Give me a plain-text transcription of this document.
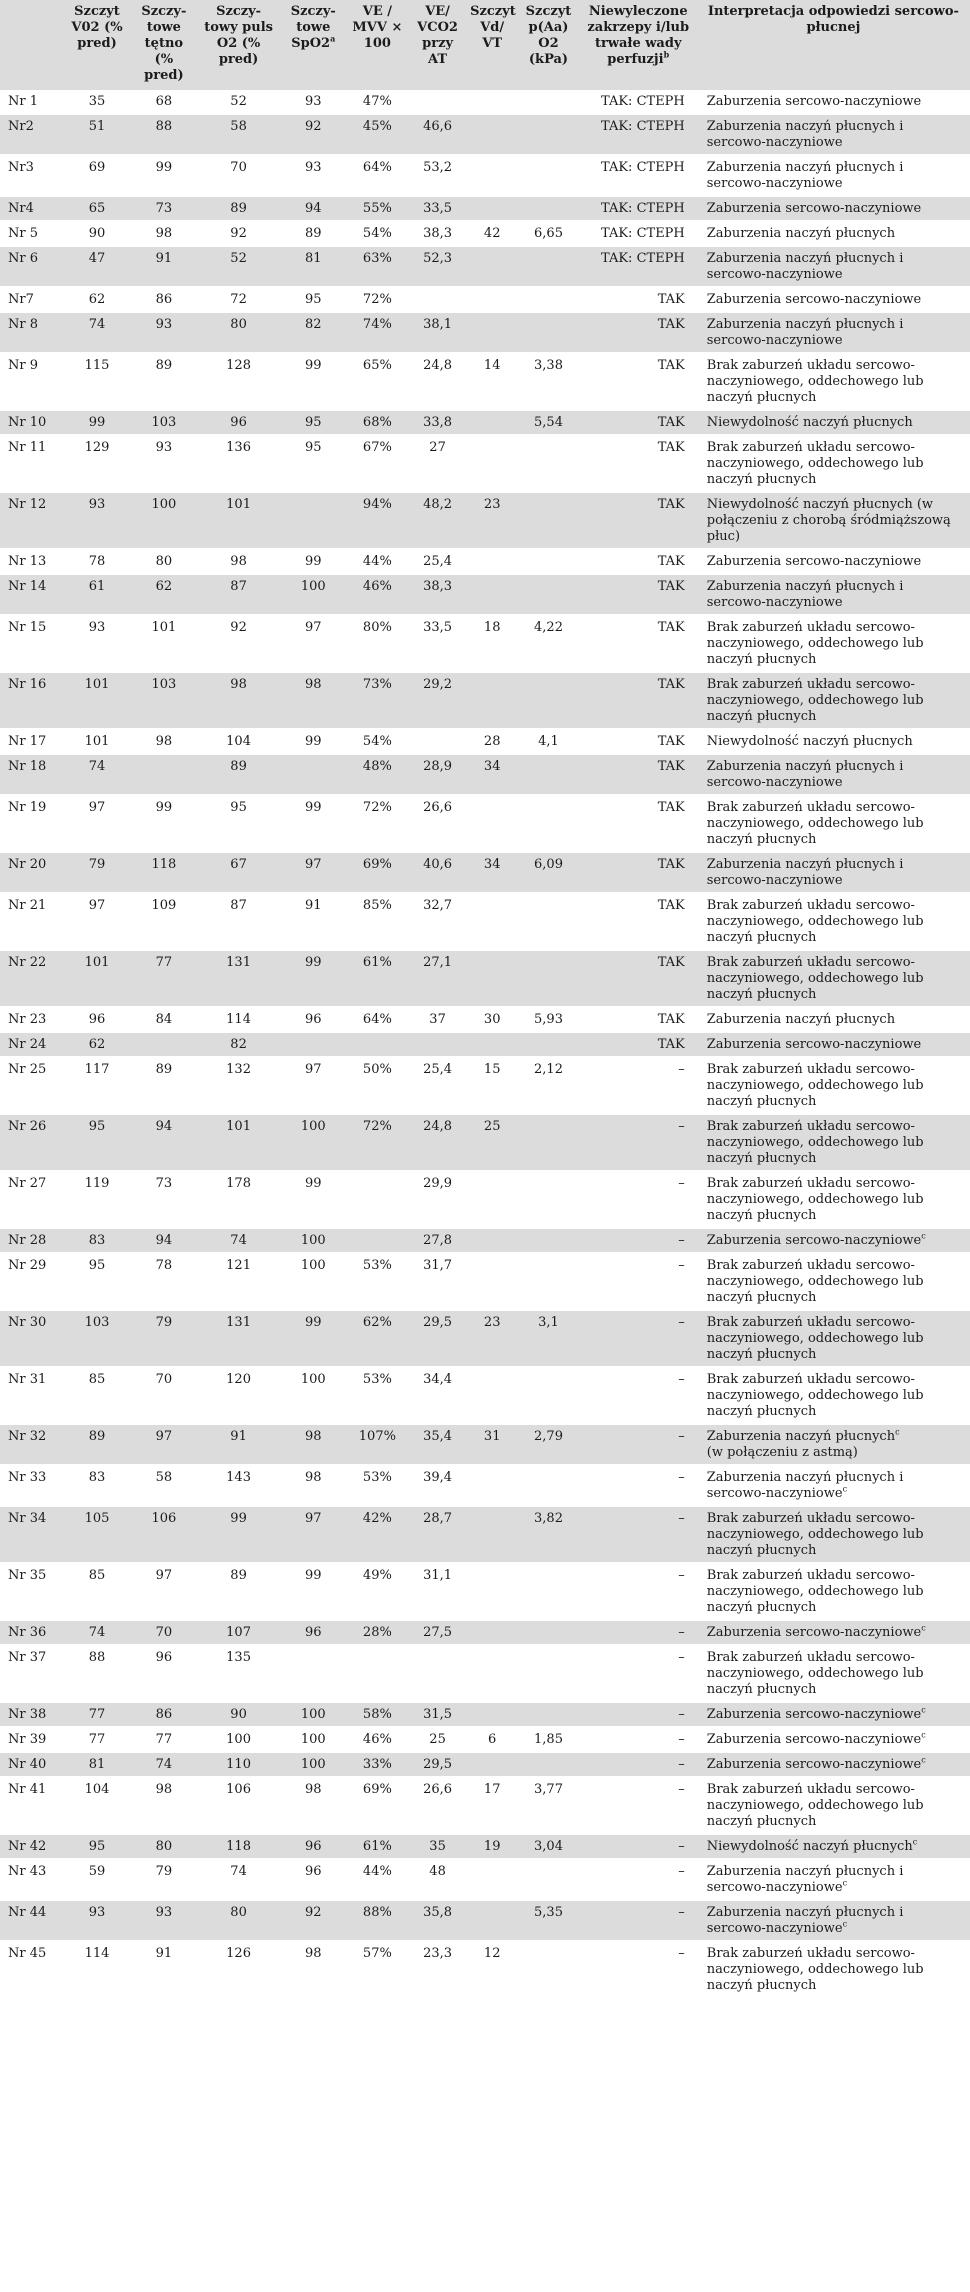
	Szczyt V02 (% pred)	Szczy-towe tętno (% pred)	Szczy-towy puls O2 (% pred)	Szczy-towe SpO2$^a$	VE / MVV × 100	VE/ VCO2 przy AT	Szczyt Vd/ VT	Szczyt p(Aa) O2 (kPa)	Niewyleczone zakrzepy i/lub trwałe wady perfuzji$^b$	Interpretacja odpowiedzi sercowo-płucnej
Nr 1	35	68	52	93	47%				TAK: CTEPH	Zaburzenia sercowo-naczyniowe
Nr2	51	88	58	92	45%	46,6			TAK: CTEPH	Zaburzenia naczyń płucnych i sercowo-naczyniowe
Nr3	69	99	70	93	64%	53,2			TAK: CTEPH	Zaburzenia naczyń płucnych i sercowo-naczyniowe
Nr4	65	73	89	94	55%	33,5			TAK: CTEPH	Zaburzenia sercowo-naczyniowe
Nr 5	90	98	92	89	54%	38,3	42	6,65	TAK: CTEPH	Zaburzenia naczyń płucnych
Nr 6	47	91	52	81	63%	52,3			TAK: CTEPH	Zaburzenia naczyń płucnych i sercowo-naczyniowe
Nr7	62	86	72	95	72%				TAK	Zaburzenia sercowo-naczyniowe
Nr 8	74	93	80	82	74%	38,1			TAK	Zaburzenia naczyń płucnych i sercowo-naczyniowe
Nr 9	115	89	128	99	65%	24,8	14	3,38	TAK	Brak zaburzeń układu sercowo-naczyniowego, oddechowego lub naczyń płucnych
Nr 10	99	103	96	95	68%	33,8		5,54	TAK	Niewydolność naczyń płucnych
Nr 11	129	93	136	95	67%	27			TAK	Brak zaburzeń układu sercowo-naczyniowego, oddechowego lub naczyń płucnych
Nr 12	93	100	101		94%	48,2	23		TAK	Niewydolność naczyń płucnych (w połączeniu z chorobą śródmiąższową płuc)
Nr 13	78	80	98	99	44%	25,4			TAK	Zaburzenia sercowo-naczyniowe
Nr 14	61	62	87	100	46%	38,3			TAK	Zaburzenia naczyń płucnych i sercowo-naczyniowe
Nr 15	93	101	92	97	80%	33,5	18	4,22	TAK	Brak zaburzeń układu sercowo-naczyniowego, oddechowego lub naczyń płucnych
Nr 16	101	103	98	98	73%	29,2			TAK	Brak zaburzeń układu sercowo-naczyniowego, oddechowego lub naczyń płucnych
Nr 17	101	98	104	99	54%		28	4,1	TAK	Niewydolność naczyń płucnych
Nr 18	74		89		48%	28,9	34		TAK	Zaburzenia naczyń płucnych i sercowo-naczyniowe
Nr 19	97	99	95	99	72%	26,6			TAK	Brak zaburzeń układu sercowo-naczyniowego, oddechowego lub naczyń płucnych
Nr 20	79	118	67	97	69%	40,6	34	6,09	TAK	Zaburzenia naczyń płucnych i sercowo-naczyniowe
Nr 21	97	109	87	91	85%	32,7			TAK	Brak zaburzeń układu sercowo-naczyniowego, oddechowego lub naczyń płucnych
Nr 22	101	77	131	99	61%	27,1			TAK	Brak zaburzeń układu sercowo-naczyniowego, oddechowego lub naczyń płucnych
Nr 23	96	84	114	96	64%	37	30	5,93	TAK	Zaburzenia naczyń płucnych
Nr 24	62		82						TAK	Zaburzenia sercowo-naczyniowe
Nr 25	117	89	132	97	50%	25,4	15	2,12	–	Brak zaburzeń układu sercowo-naczyniowego, oddechowego lub naczyń płucnych
Nr 26	95	94	101	100	72%	24,8	25		–	Brak zaburzeń układu sercowo-naczyniowego, oddechowego lub naczyń płucnych
Nr 27	119	73	178	99		29,9			–	Brak zaburzeń układu sercowo-naczyniowego, oddechowego lub naczyń płucnych
Nr 28	83	94	74	100		27,8			–	Zaburzenia sercowo-naczyniowe$^c$
Nr 29	95	78	121	100	53%	31,7			–	Brak zaburzeń układu sercowo-naczyniowego, oddechowego lub naczyń płucnych
Nr 30	103	79	131	99	62%	29,5	23	3,1	–	Brak zaburzeń układu sercowo-naczyniowego, oddechowego lub naczyń płucnych
Nr 31	85	70	120	100	53%	34,4			–	Brak zaburzeń układu sercowo-naczyniowego, oddechowego lub naczyń płucnych
Nr 32	89	97	91	98	107%	35,4	31	2,79	–	Zaburzenia naczyń płucnych$^c$
(w połączeniu z astmą)
Nr 33	83	58	143	98	53%	39,4			–	Zaburzenia naczyń płucnych i sercowo-naczyniowe$^c$
Nr 34	105	106	99	97	42%	28,7		3,82	–	Brak zaburzeń układu sercowo-naczyniowego, oddechowego lub naczyń płucnych
Nr 35	85	97	89	99	49%	31,1			–	Brak zaburzeń układu sercowo-naczyniowego, oddechowego lub naczyń płucnych
Nr 36	74	70	107	96	28%	27,5			–	Zaburzenia sercowo-naczyniowe$^c$
Nr 37	88	96	135						–	Brak zaburzeń układu sercowo-naczyniowego, oddechowego lub naczyń płucnych
Nr 38	77	86	90	100	58%	31,5			–	Zaburzenia sercowo-naczyniowe$^c$
Nr 39	77	77	100	100	46%	25	6	1,85	–	Zaburzenia sercowo-naczyniowe$^c$
Nr 40	81	74	110	100	33%	29,5			–	Zaburzenia sercowo-naczyniowe$^c$
Nr 41	104	98	106	98	69%	26,6	17	3,77	–	Brak zaburzeń układu sercowo-naczyniowego, oddechowego lub naczyń płucnych
Nr 42	95	80	118	96	61%	35	19	3,04	–	Niewydolność naczyń płucnych$^c$
Nr 43	59	79	74	96	44%	48			–	Zaburzenia naczyń płucnych i sercowo-naczyniowe$^c$
Nr 44	93	93	80	92	88%	35,8		5,35	–	Zaburzenia naczyń płucnych i sercowo-naczyniowe$^c$
Nr 45	114	91	126	98	57%	23,3	12		–	Brak zaburzeń układu sercowo-naczyniowego, oddechowego lub naczyń płucnych
